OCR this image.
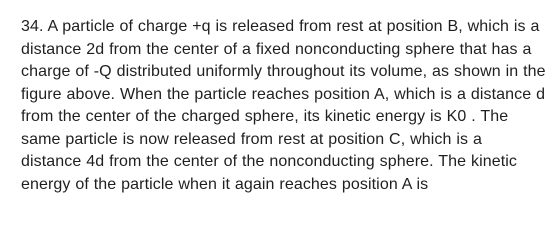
34. A particle of charge +q is released from rest at position B, which is a distance 2d from the center of a fixed nonconducting sphere that has a charge of -Q distributed uniformly throughout its volume, as shown in the figure above. When the particle reaches position A, which is a distance d from the center of the charged sphere, its kinetic energy is K0 . The same particle is now released from rest at position C, which is a distance 4d from the center of the nonconducting sphere. The kinetic energy of the particle when it again reaches position A is
